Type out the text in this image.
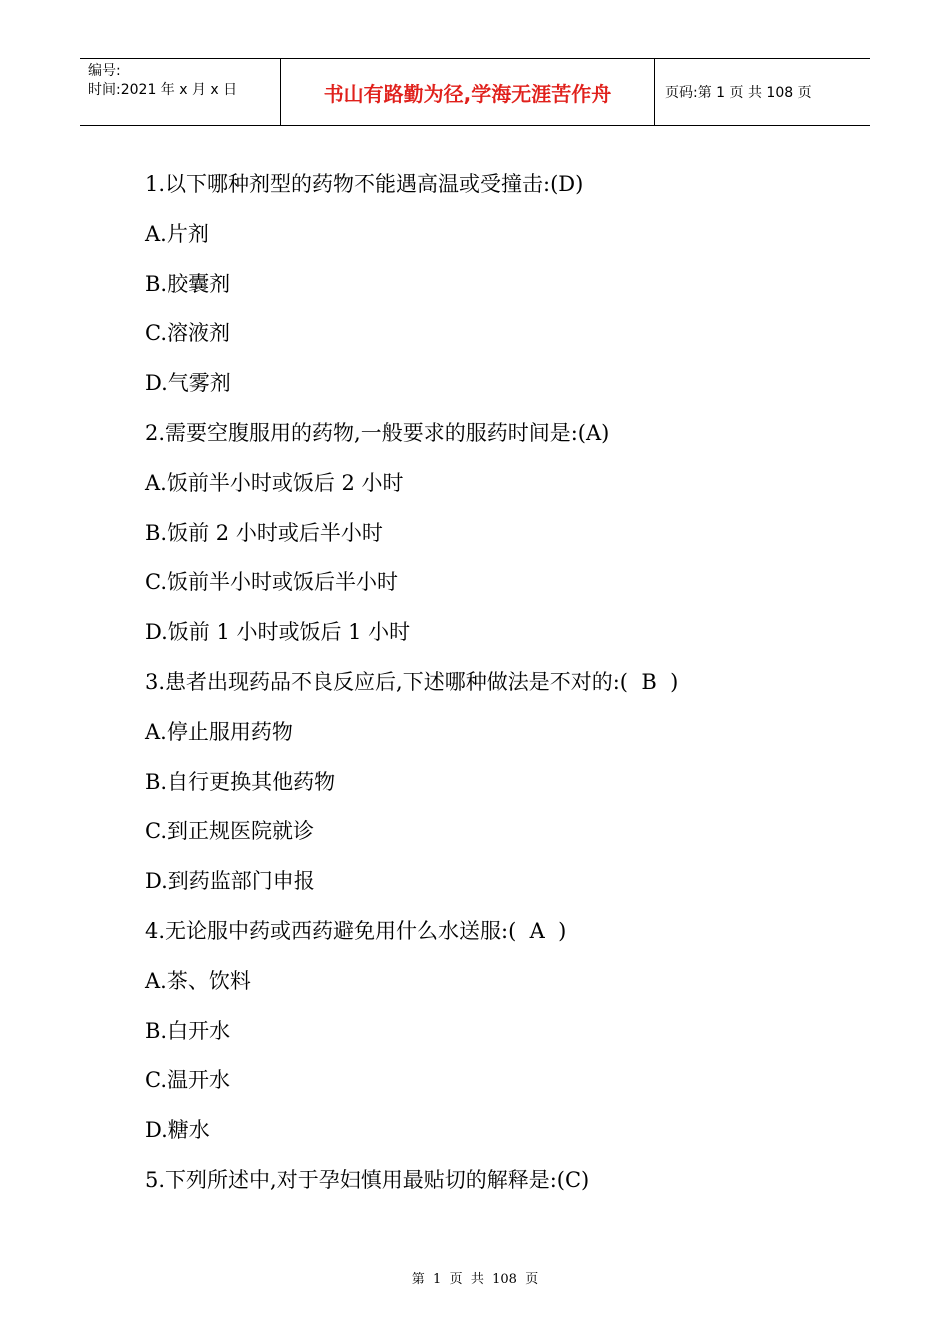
编号:
时间:2021 年 x 月 x 日	书山有路勤为径,学海无涯苦作舟	页码:第 1 页 共 108 页
1.以下哪种剂型的药物不能遇高温或受撞击:(D)
A.片剂
B.胶囊剂
C.溶液剂
D.气雾剂
2.需要空腹服用的药物,一般要求的服药时间是:(A)
A.饭前半小时或饭后 2 小时
B.饭前 2 小时或后半小时
C.饭前半小时或饭后半小时
D.饭前 1 小时或饭后 1 小时
3.患者出现药品不良反应后,下述哪种做法是不对的:(  B  )
A.停止服用药物
B.自行更换其他药物
C.到正规医院就诊
D.到药监部门申报
4.无论服中药或西药避免用什么水送服:(  A  )
A.茶、饮料
B.白开水
C.温开水
D.糖水
5.下列所述中,对于孕妇慎用最贴切的解释是:(C)
第  1  页  共  108  页
